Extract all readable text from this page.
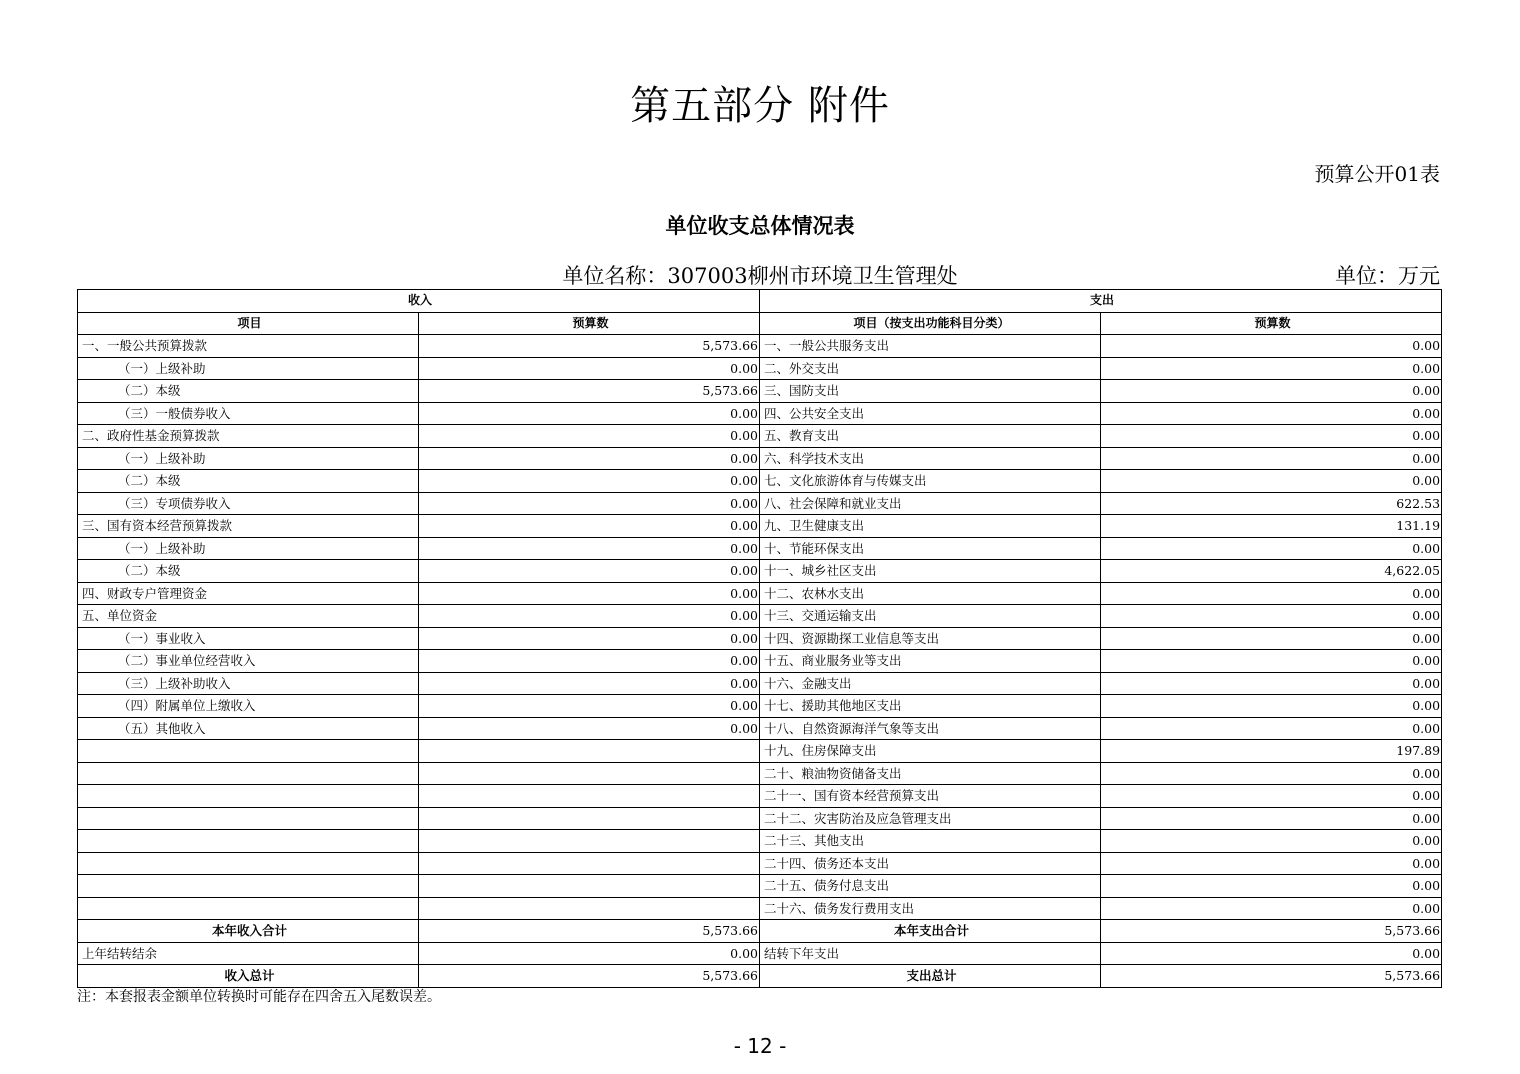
第五部分 附件
预算公开01表
单位收支总体情况表
单位名称：307003柳州市环境卫生管理处	单位：万元
收入		支出	
项目	预算数	项目（按支出功能科目分类）	预算数
一、一般公共预算拨款	5,573.66	一、一般公共服务支出	0.00
（一）上级补助	0.00	二、外交支出	0.00
（二）本级	5,573.66	三、国防支出	0.00
（三）一般债券收入	0.00	四、公共安全支出	0.00
二、政府性基金预算拨款	0.00	五、教育支出	0.00
（一）上级补助	0.00	六、科学技术支出	0.00
（二）本级	0.00	七、文化旅游体育与传媒支出	0.00
（三）专项债券收入	0.00	八、社会保障和就业支出	622.53
三、国有资本经营预算拨款	0.00	九、卫生健康支出	131.19
（一）上级补助	0.00	十、节能环保支出	0.00
（二）本级	0.00	十一、城乡社区支出	4,622.05
四、财政专户管理资金	0.00	十二、农林水支出	0.00
五、单位资金	0.00	十三、交通运输支出	0.00
（一）事业收入	0.00	十四、资源勘探工业信息等支出	0.00
（二）事业单位经营收入	0.00	十五、商业服务业等支出	0.00
（三）上级补助收入	0.00	十六、金融支出	0.00
（四）附属单位上缴收入	0.00	十七、援助其他地区支出	0.00
（五）其他收入	0.00	十八、自然资源海洋气象等支出	0.00
		十九、住房保障支出	197.89
		二十、粮油物资储备支出	0.00
		二十一、国有资本经营预算支出	0.00
		二十二、灾害防治及应急管理支出	0.00
		二十三、其他支出	0.00
		二十四、债务还本支出	0.00
		二十五、债务付息支出	0.00
		二十六、债务发行费用支出	0.00
本年收入合计	5,573.66	本年支出合计	5,573.66
上年结转结余	0.00	结转下年支出	0.00
收入总计	5,573.66	支出总计	5,573.66
注：本套报表金额单位转换时可能存在四舍五入尾数误差。
- 12 -
